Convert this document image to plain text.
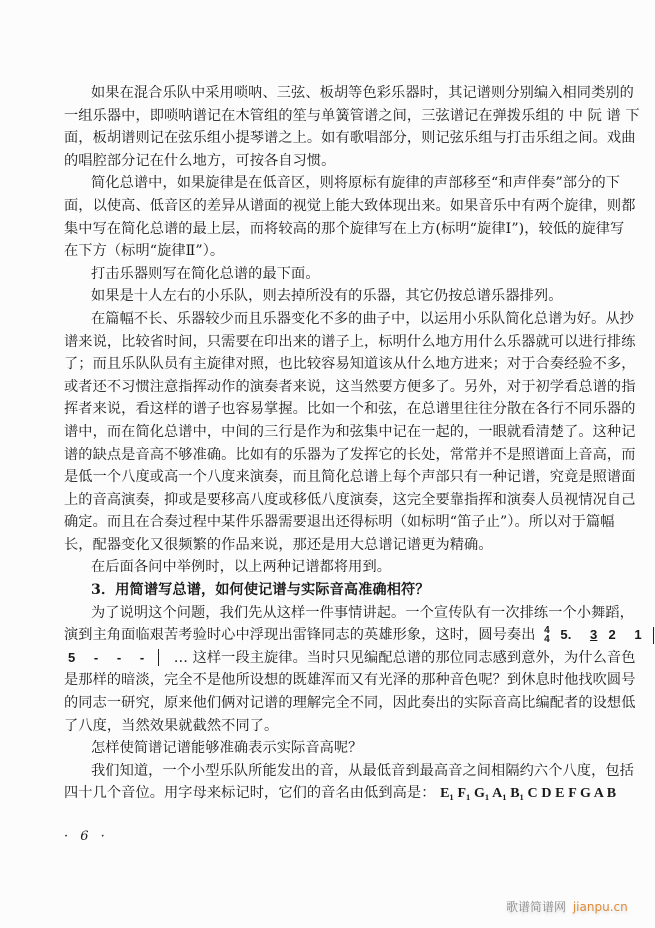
如果在混合乐队中采用唢呐、三弦、板胡等色彩乐器时，其记谱则分别编入相同类别的
一组乐器中，即唢呐谱记在木管组的笙与单簧管谱之间，三弦谱记在弹拨乐组的 中 阮 谱 下
面，板胡谱则记在弦乐组小提琴谱之上。如有歌唱部分，则记弦乐组与打击乐组之间。戏曲
的唱腔部分记在什么地方，可按各自习惯。
简化总谱中，如果旋律是在低音区，则将原标有旋律的声部移至“和声伴奏”部分的下
面，以使高、低音区的差异从谱面的视觉上能大致体现出来。如果音乐中有两个旋律，则都
集中写在简化总谱的最上层，而将较高的那个旋律写在上方(标明“旋律Ⅰ”)，较低的旋律写
在下方（标明“旋律Ⅱ”）。
打击乐器则写在简化总谱的最下面。
如果是十人左右的小乐队，则去掉所没有的乐器，其它仍按总谱乐器排列。
在篇幅不长、乐器较少而且乐器变化不多的曲子中，以运用小乐队简化总谱为好。从抄
谱来说，比较省时间，只需要在印出来的谱子上，标明什么地方用什么乐器就可以进行排练
了；而且乐队队员有主旋律对照，也比较容易知道该从什么地方进来；对于合奏经验不多，
或者还不习惯注意指挥动作的演奏者来说，这当然要方便多了。另外，对于初学看总谱的指
挥者来说，看这样的谱子也容易掌握。比如一个和弦，在总谱里往往分散在各行不同乐器的
谱中，而在简化总谱中，中间的三行是作为和弦集中记在一起的，一眼就看清楚了。这种记
谱的缺点是音高不够准确。比如有的乐器为了发挥它的长处，常常并不是照谱面上音高，而
是低一个八度或高一个八度来演奏，而且简化总谱上每个声部只有一种记谱，究竟是照谱面
上的音高演奏，抑或是要移高八度或移低八度演奏，这完全要靠指挥和演奏人员视情况自己
确定。而且在合奏过程中某件乐器需要退出还得标明（如标明“笛子止”）。所以对于篇幅
长，配器变化又很频繁的作品来说，那还是用大总谱记谱更为精确。
在后面各问中举例时，以上两种记谱都将用到。
3．用简谱写总谱，如何使记谱与实际音高准确相符？
为了说明这个问题，我们先从这样一件事情讲起。一个宣传队有一次排练一个小舞蹈，
演到主角面临艰苦考验时心中浮现出雷锋同志的英雄形象，这时，圆号奏出 4
4 5. 3 2 1
5 - - - … 这样一段主旋律。当时只见编配总谱的那位同志感到意外，为什么音色
是那样的暗淡，完全不是他所设想的既雄浑而又有光泽的那种音色呢？到休息时他找吹圆号
的同志一研究，原来他们俩对记谱的理解完全不同，因此奏出的实际音高比编配者的设想低
了八度，当然效果就截然不同了。
怎样使简谱记谱能够准确表示实际音高呢？
我们知道，一个小型乐队所能发出的音，从最低音到最高音之间相隔约六个八度，包括
四十几个音位。用字母来标记时，它们的音名由低到高是： E₁ F₁ G₁ A₁ B₁ C D E F G A B
· 6 ·
歌谱简谱网 jianpu.cn
